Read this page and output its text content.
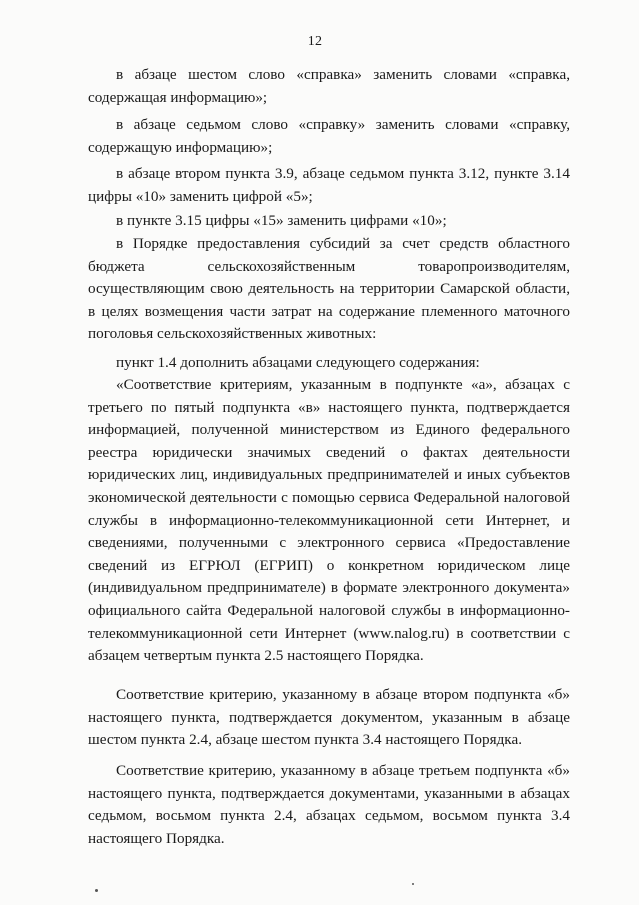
12

в абзаце шестом слово «справка» заменить словами «справка, содержащая информацию»;

в абзаце седьмом слово «справку» заменить словами «справку, содержащую информацию»;

в абзаце втором пункта 3.9, абзаце седьмом пункта 3.12, пункте 3.14 цифры «10» заменить цифрой «5»;

в пункте 3.15 цифры «15» заменить цифрами «10»;

в Порядке предоставления субсидий за счет средств областного бюджета сельскохозяйственным товаропроизводителям, осуществляющим свою деятельность на территории Самарской области, в целях возмещения части затрат на содержание племенного маточного поголовья сельскохозяйственных животных:

пункт 1.4 дополнить абзацами следующего содержания:

«Соответствие критериям, указанным в подпункте «а», абзацах с третьего по пятый подпункта «в» настоящего пункта, подтверждается информацией, полученной министерством из Единого федерального реестра юридически значимых сведений о фактах деятельности юридических лиц, индивидуальных предпринимателей и иных субъектов экономической деятельности с помощью сервиса Федеральной налоговой службы в информационно-телекоммуникационной сети Интернет, и сведениями, полученными с электронного сервиса «Предоставление сведений из ЕГРЮЛ (ЕГРИП) о конкретном юридическом лице (индивидуальном предпринимателе) в формате электронного документа» официального сайта Федеральной налоговой службы в информационно-телекоммуникационной сети Интернет (www.nalog.ru) в соответствии с абзацем четвертым пункта 2.5 настоящего Порядка.

Соответствие критерию, указанному в абзаце втором подпункта «б» настоящего пункта, подтверждается документом, указанным в абзаце шестом пункта 2.4, абзаце шестом пункта 3.4 настоящего Порядка.

Соответствие критерию, указанному в абзаце третьем подпункта «б» настоящего пункта, подтверждается документами, указанными в абзацах седьмом, восьмом пункта 2.4, абзацах седьмом, восьмом пункта 3.4 настоящего Порядка.
